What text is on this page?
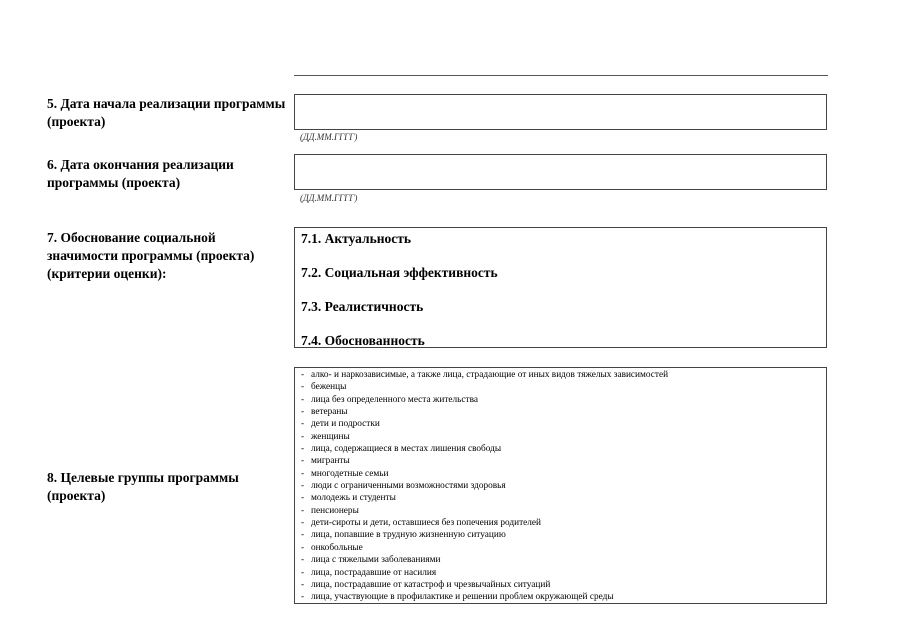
5. Дата начала реализации программы (проекта)
(ДД.ММ.ГГГГ)
6. Дата окончания реализации программы (проекта)
(ДД.ММ.ГГГГ)
7. Обоснование социальной значимости программы (проекта) (критерии оценки):
7.1. Актуальность
7.2. Социальная эффективность
7.3. Реалистичность
7.4. Обоснованность
8. Целевые группы программы (проекта)
- алко- и наркозависимые, а также лица, страдающие от иных видов тяжелых зависимостей
- беженцы
- лица без определенного места жительства
- ветераны
- дети и подростки
- женщины
- лица, содержащиеся в местах лишения свободы
- мигранты
- многодетные семьи
- люди с ограниченными возможностями здоровья
- молодежь и студенты
- пенсионеры
- дети-сироты и дети, оставшиеся без попечения родителей
- лица, попавшие в трудную жизненную ситуацию
- онкобольные
- лица с тяжелыми заболеваниями
- лица, пострадавшие от насилия
- лица, пострадавшие от катастроф и чрезвычайных ситуаций
- лица, участвующие в профилактике и решении проблем окружающей среды
